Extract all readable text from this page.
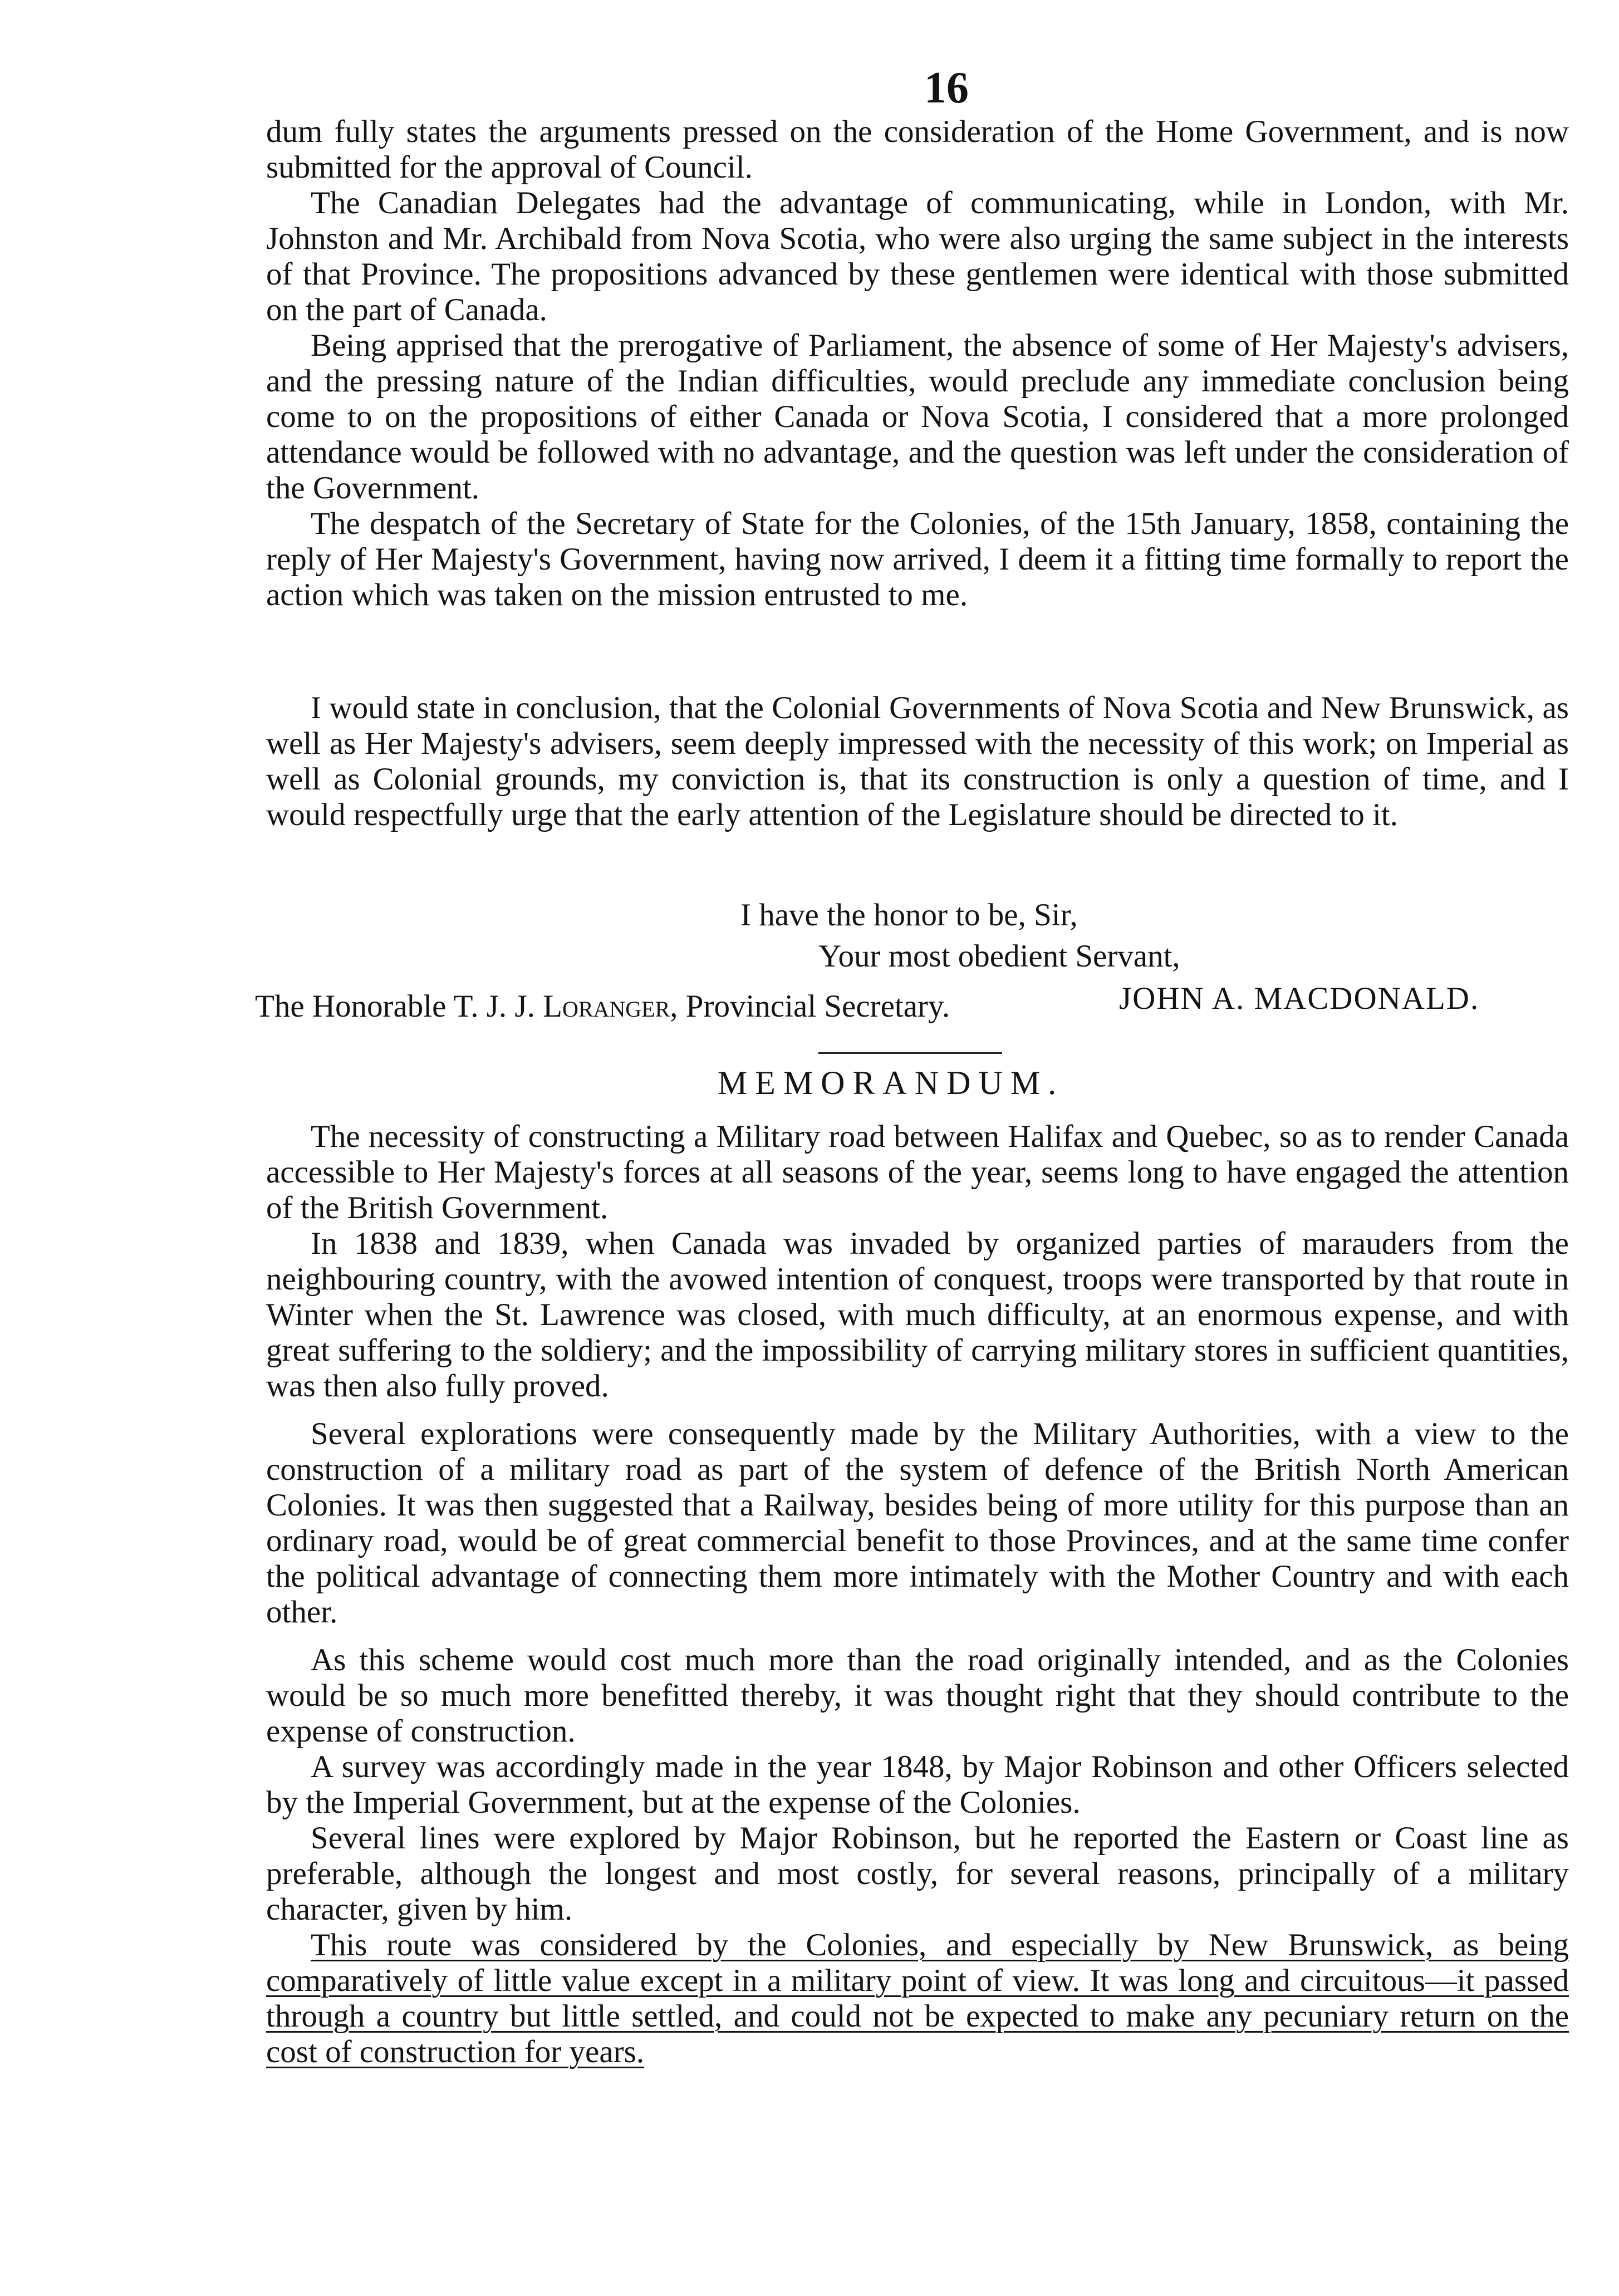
16

dum fully states the arguments pressed on the consideration of the Home Government, and is now submitted for the approval of Council.

The Canadian Delegates had the advantage of communicating, while in London, with Mr. Johnston and Mr. Archibald from Nova Scotia, who were also urging the same subject in the interests of that Province. The propositions advanced by these gentlemen were identical with those submitted on the part of Canada.

Being apprised that the prerogative of Parliament, the absence of some of Her Majesty's advisers, and the pressing nature of the Indian difficulties, would preclude any immediate conclusion being come to on the propositions of either Canada or Nova Scotia, I considered that a more prolonged attendance would be followed with no advantage, and the question was left under the consideration of the Government.

The despatch of the Secretary of State for the Colonies, of the 15th January, 1858, containing the reply of Her Majesty's Government, having now arrived, I deem it a fitting time formally to report the action which was taken on the mission entrusted to me.

I would state in conclusion, that the Colonial Governments of Nova Scotia and New Brunswick, as well as Her Majesty's advisers, seem deeply impressed with the necessity of this work; on Imperial as well as Colonial grounds, my conviction is, that its construction is only a question of time, and I would respectfully urge that the early attention of the Legislature should be directed to it.

I have the honor to be, Sir,
Your most obedient Servant,
JOHN A. MACDONALD.
The Honorable T. J. J. Loranger, Provincial Secretary.
MEMORANDUM.

The necessity of constructing a Military road between Halifax and Quebec, so as to render Canada accessible to Her Majesty's forces at all seasons of the year, seems long to have engaged the attention of the British Government.

In 1838 and 1839, when Canada was invaded by organized parties of marauders from the neighbouring country, with the avowed intention of conquest, troops were transported by that route in Winter when the St. Lawrence was closed, with much difficulty, at an enormous expense, and with great suffering to the soldiery; and the impossibility of carrying military stores in sufficient quantities, was then also fully proved.

Several explorations were consequently made by the Military Authorities, with a view to the construction of a military road as part of the system of defence of the British North American Colonies. It was then suggested that a Railway, besides being of more utility for this purpose than an ordinary road, would be of great commercial benefit to those Provinces, and at the same time confer the political advantage of connecting them more intimately with the Mother Country and with each other.

As this scheme would cost much more than the road originally intended, and as the Colonies would be so much more benefitted thereby, it was thought right that they should contribute to the expense of construction.

A survey was accordingly made in the year 1848, by Major Robinson and other Officers selected by the Imperial Government, but at the expense of the Colonies.

Several lines were explored by Major Robinson, but he reported the Eastern or Coast line as preferable, although the longest and most costly, for several reasons, principally of a military character, given by him.

This route was considered by the Colonies, and especially by New Brunswick, as being comparatively of little value except in a military point of view. It was long and circuitous—it passed through a country but little settled, and could not be expected to make any pecuniary return on the cost of construction for years.
